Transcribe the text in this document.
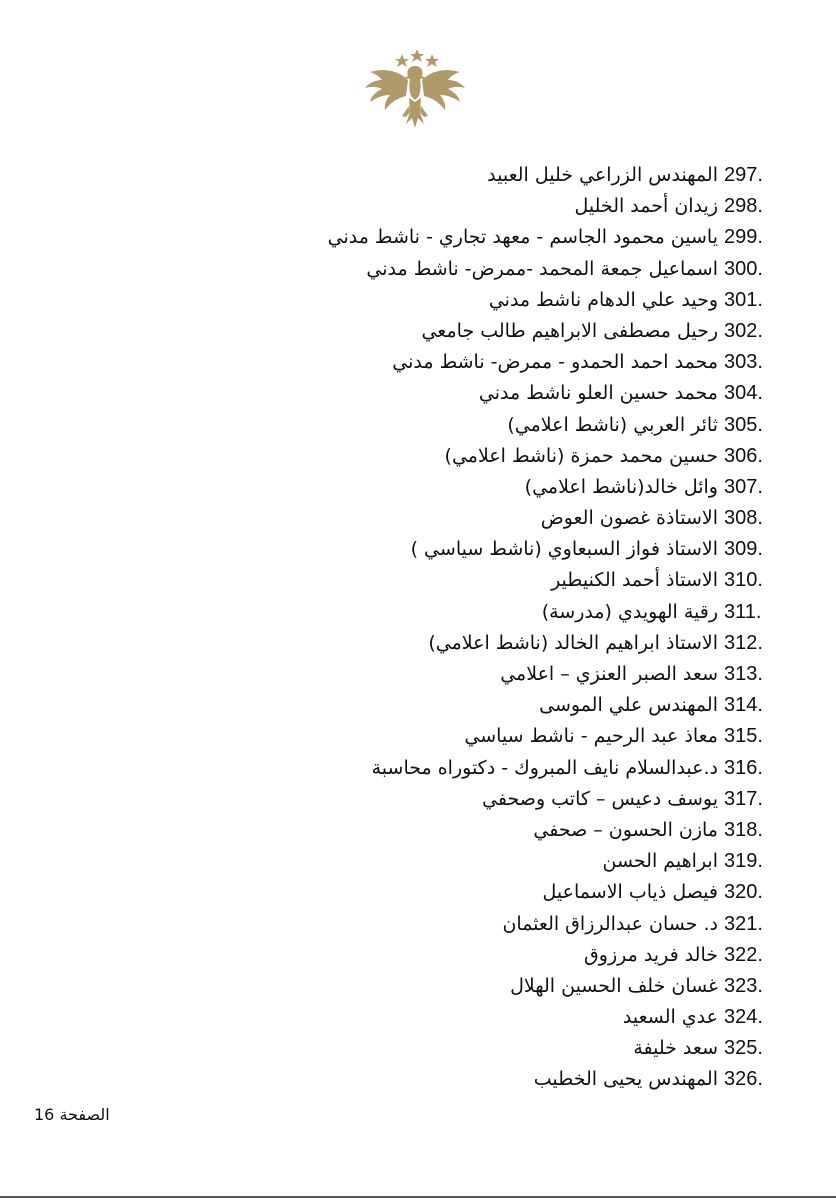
297.
المهندس الزراعي خليل العبيد
298.
زيدان أحمد الخليل
299.
ياسين محمود الجاسم - معهد تجاري - ناشط مدني
300.
اسماعيل جمعة المحمد -ممرض- ناشط مدني
301.
وحيد علي الدهام ناشط مدني
302.
رحيل مصطفى الابراهيم طالب جامعي
303.
محمد احمد الحمدو - ممرض- ناشط مدني
304.
محمد حسين العلو ناشط مدني
305.
ثائر العربي (ناشط اعلامي)
306.
حسين محمد حمزة (ناشط اعلامي)
307.
وائل خالد(ناشط اعلامي)
308.
الاستاذة غصون العوض
309.
الاستاذ فواز السبعاوي (ناشط سياسي )
310.
الاستاذ أحمد الكنيطير
311.
رقية الهويدي (مدرسة)
312.
الاستاذ ابراهيم الخالد (ناشط اعلامي)
313.
سعد الصبر العنزي – اعلامي
314.
المهندس علي الموسى
315.
معاذ عبد الرحيم - ناشط سياسي
316.
د.عبدالسلام نايف المبروك - دكتوراه محاسبة
317.
يوسف دعيس – كاتب وصحفي
318.
مازن الحسون – صحفي
319.
ابراهيم الحسن
320.
فيصل ذياب الاسماعيل
321.
د. حسان عبدالرزاق العثمان
322.
خالد فريد مرزوق
323.
غسان خلف الحسين الهلال
324.
عدي السعيد
325.
سعد خليفة
326.
المهندس يحيى الخطيب
الصفحة 16
